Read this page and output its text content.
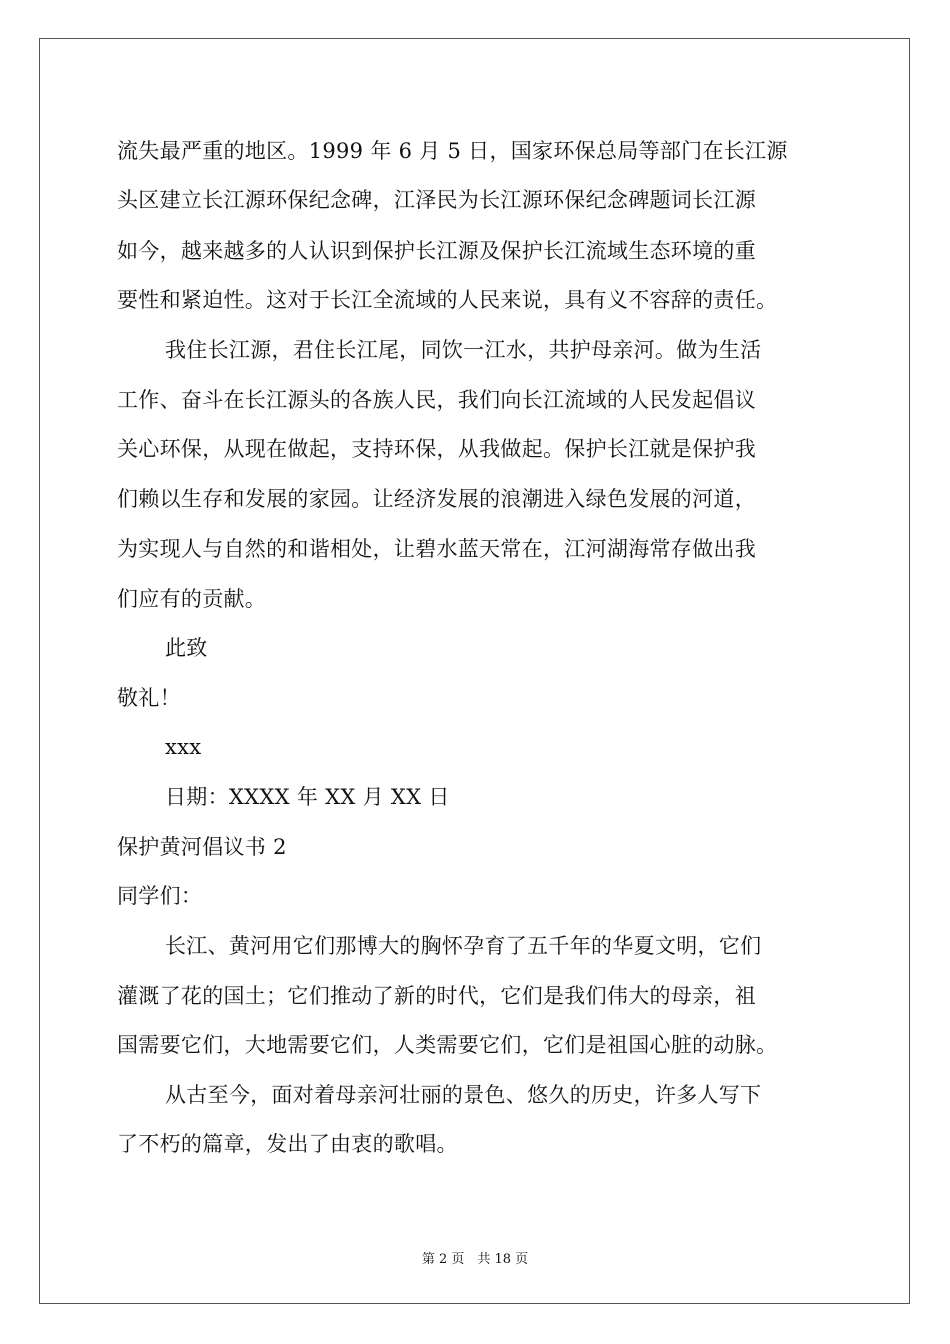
流失最严重的地区。1999 年 6 月 5 日，国家环保总局等部门在长江源
头区建立长江源环保纪念碑，江泽民为长江源环保纪念碑题词长江源
如今，越来越多的人认识到保护长江源及保护长江流域生态环境的重
要性和紧迫性。这对于长江全流域的人民来说，具有义不容辞的责任。
我住长江源，君住长江尾，同饮一江水，共护母亲河。做为生活
工作、奋斗在长江源头的各族人民，我们向长江流域的人民发起倡议
关心环保，从现在做起，支持环保，从我做起。保护长江就是保护我
们赖以生存和发展的家园。让经济发展的浪潮进入绿色发展的河道，
为实现人与自然的和谐相处，让碧水蓝天常在，江河湖海常存做出我
们应有的贡献。
此致
敬礼！
xxx
日期：XXXX 年 XX 月 XX 日
保护黄河倡议书 2
同学们：
长江、黄河用它们那博大的胸怀孕育了五千年的华夏文明，它们
灌溉了花的国土；它们推动了新的时代，它们是我们伟大的母亲，祖
国需要它们，大地需要它们，人类需要它们，它们是祖国心脏的动脉。
从古至今，面对着母亲河壮丽的景色、悠久的历史，许多人写下
了不朽的篇章，发出了由衷的歌唱。
第 2 页　共 18 页
